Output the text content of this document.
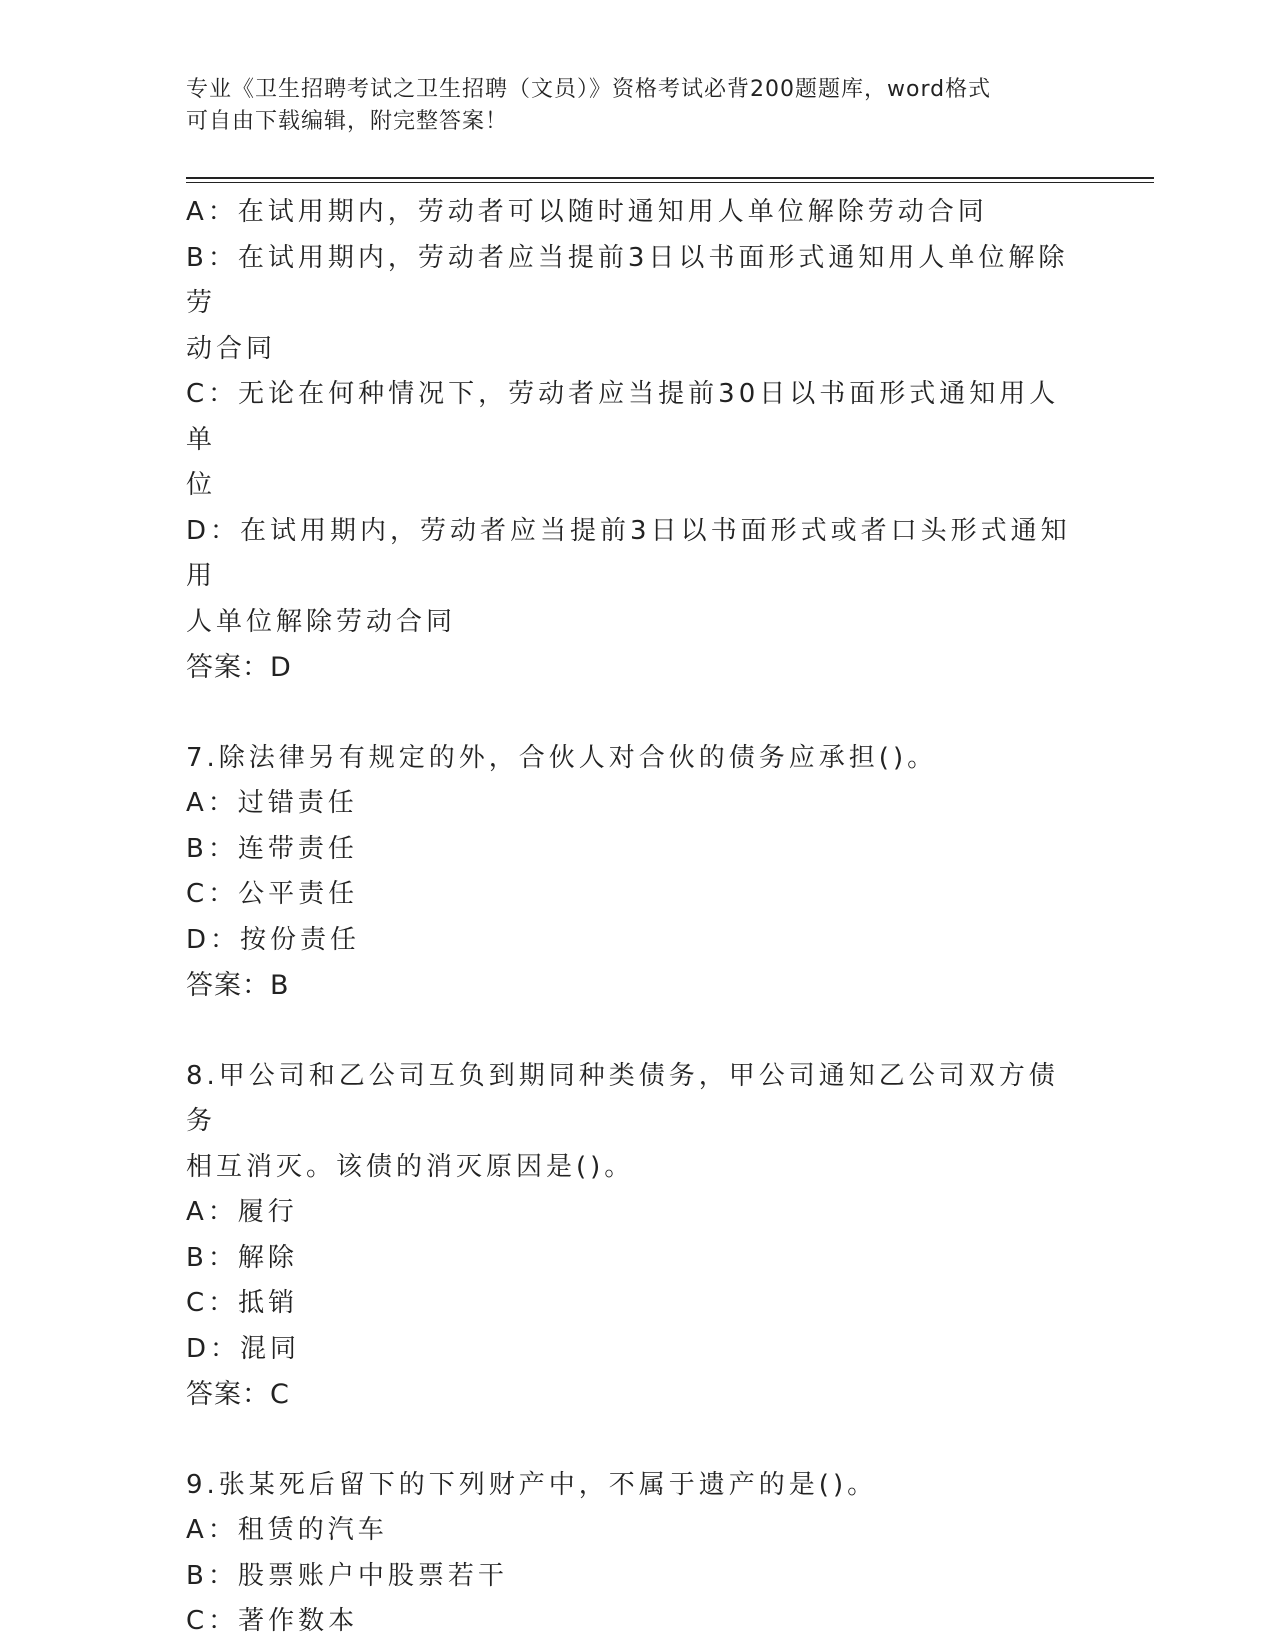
专业《卫生招聘考试之卫生招聘（文员）》资格考试必背200题题库，word格式
可自由下载编辑，附完整答案！

A：在试用期内，劳动者可以随时通知用人单位解除劳动合同

B：在试用期内，劳动者应当提前3日以书面形式通知用人单位解除劳

动合同

C：无论在何种情况下，劳动者应当提前30日以书面形式通知用人单

位

D：在试用期内，劳动者应当提前3日以书面形式或者口头形式通知用

人单位解除劳动合同

答案：D

7.除法律另有规定的外，合伙人对合伙的债务应承担()。

A：过错责任

B：连带责任

C：公平责任

D：按份责任

答案：B

8.甲公司和乙公司互负到期同种类债务，甲公司通知乙公司双方债务

相互消灭。该债的消灭原因是()。

A：履行

B：解除

C：抵销

D：混同

答案：C

9.张某死后留下的下列财产中，不属于遗产的是()。

A：租赁的汽车

B：股票账户中股票若干

C：著作数本
